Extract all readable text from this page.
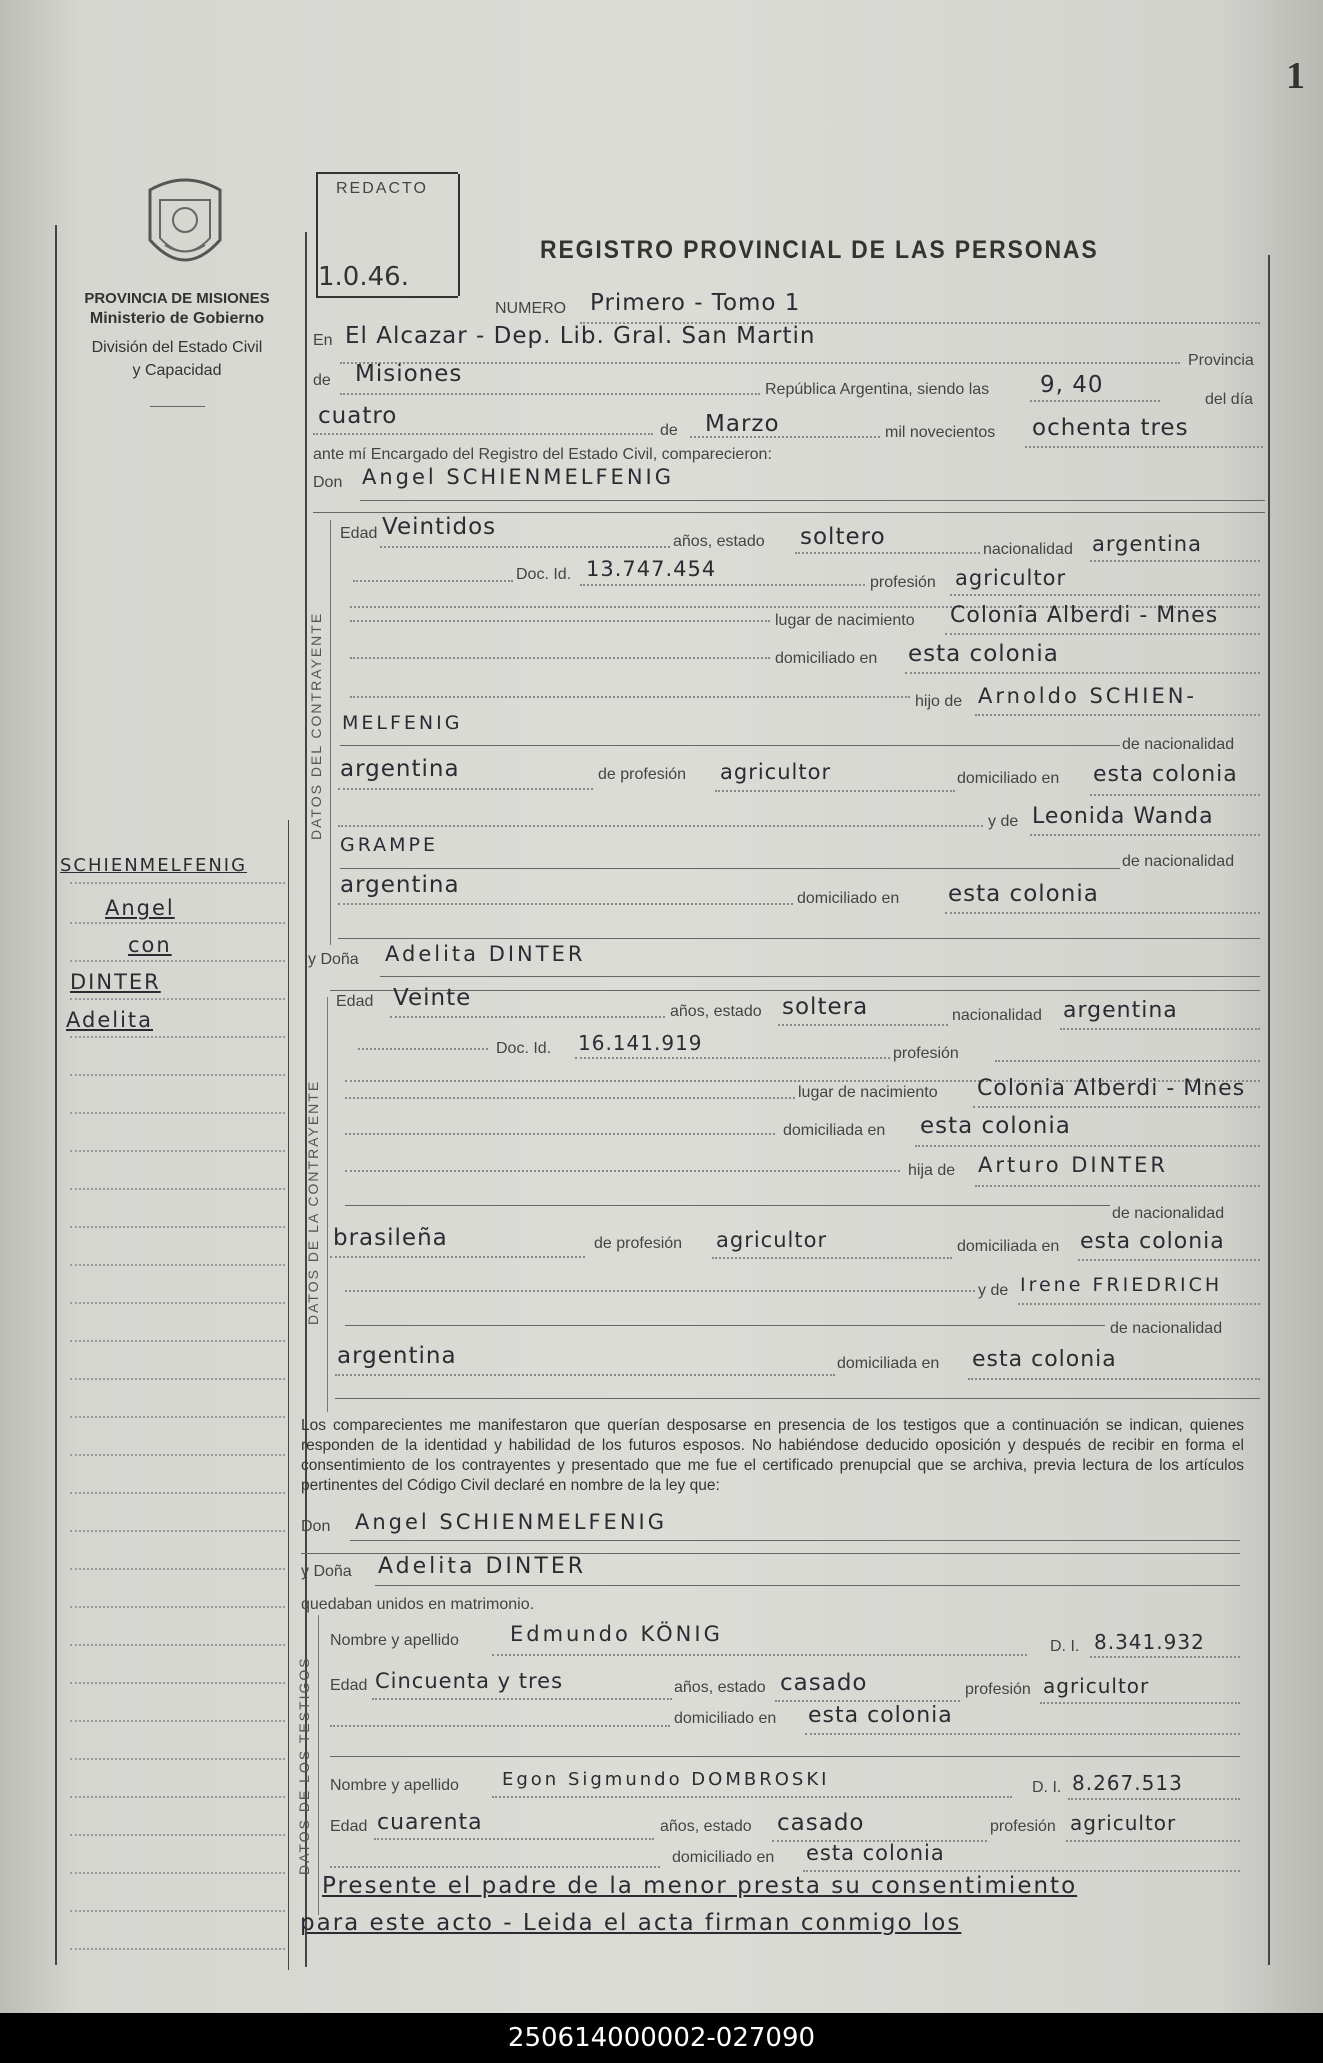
1
PROVINCIA DE MISIONES
Ministerio de Gobierno
División del Estado Civil
y Capacidad
REDACTO
1.0.46.
REGISTRO PROVINCIAL DE LAS PERSONAS
NUMERO Primero - Tomo 1
En El Alcazar - Dep. Lib. Gral. San Martin
Provincia
de Misiones
República Argentina, siendo las 9, 40
del día
cuatro
de Marzo	mil novecientos ochenta tres
ante mí Encargado del Registro del Estado Civil, comparecieron:
Don Angel SCHIENMELFENIG
DATOS DEL CONTRAYENTE
Edad Veintidos
años, estado soltero	nacionalidad argentina
Doc. Id. 13.747.454
profesión agricultor
lugar de nacimiento Colonia Alberdi - Mnes
domiciliado en esta colonia
hijo de Arnoldo SCHIEN-
MELFENIG
de nacionalidad
argentina	de profesión agricultor	domiciliado en esta colonia
y de Leonida Wanda
GRAMPE
de nacionalidad
argentina
domiciliado en esta colonia
y Doña Adelita DINTER
DATOS DE LA CONTRAYENTE
Edad Veinte
años, estado soltera	nacionalidad argentina
Doc. Id. 16.141.919	profesión
lugar de nacimiento Colonia Alberdi - Mnes
domiciliada en esta colonia
hija de Arturo DINTER
de nacionalidad
brasileña	de profesión agricultor	domiciliada en esta colonia
y de Irene FRIEDRICH
de nacionalidad
argentina	domiciliada en esta colonia
Los comparecientes me manifestaron que querían desposarse en presencia de los testigos que a continuación se indican, quienes responden de la identidad y habilidad de los futuros esposos. No habiéndose deducido oposición y después de recibir en forma el consentimiento de los contrayentes y presentado que me fue el certificado prenupcial que se archiva, previa lectura de los artículos pertinentes del Código Civil declaré en nombre de la ley que:
Don Angel SCHIENMELFENIG
y Doña Adelita DINTER
quedaban unidos en matrimonio.
DATOS DE LOS TESTIGOS
Nombre y apellido Edmundo KÖNIG
D. I. 8.341.932
Edad Cincuenta y tres	años, estado casado	profesión agricultor
domiciliado en esta colonia
Nombre y apellido Egon Sigmundo DOMBROSKI	D. I. 8.267.513
Edad cuarenta	años, estado casado	profesión agricultor
domiciliado en esta colonia
Presente el padre de la menor presta su consentimiento
para este acto - Leida el acta firman conmigo los
SCHIENMELFENIG
Angel
con
DINTER
Adelita
250614000002-027090
